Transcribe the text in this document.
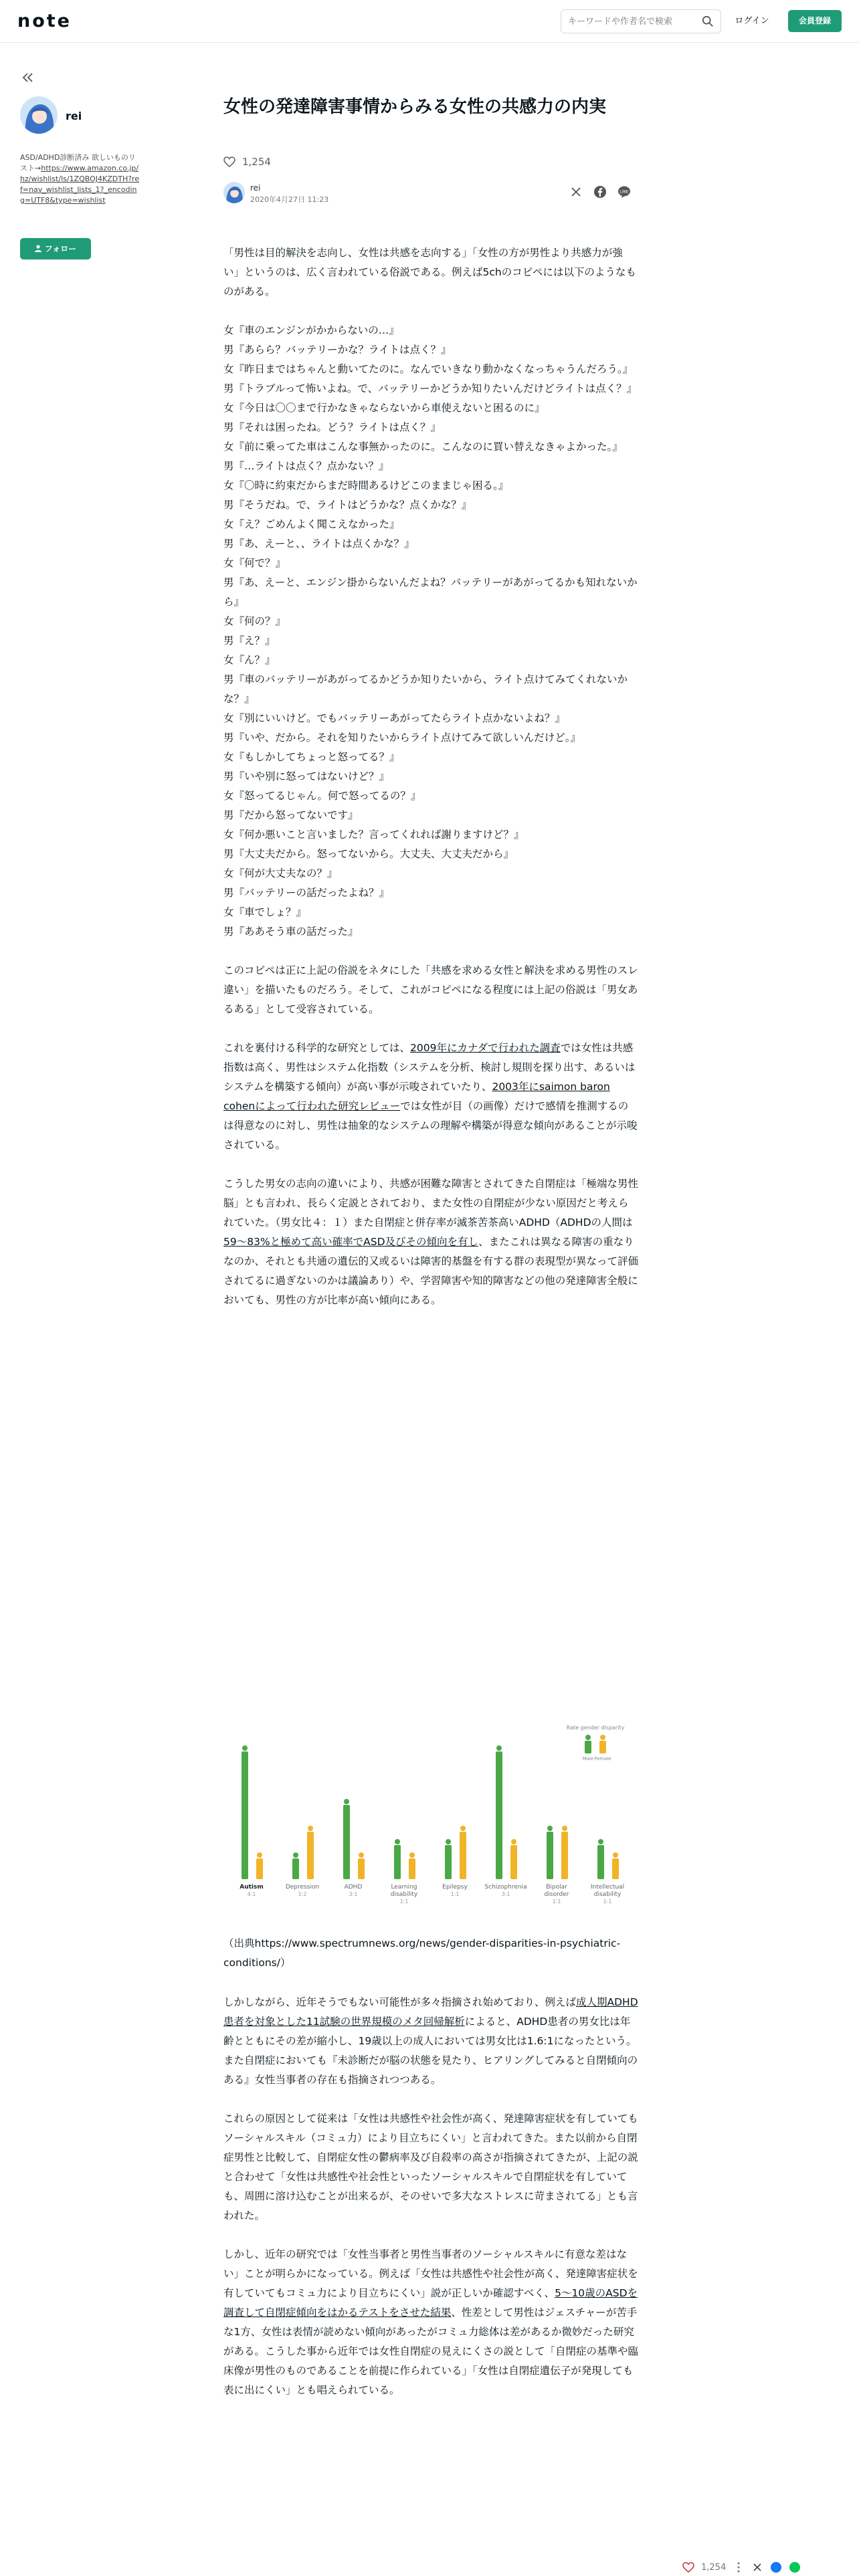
note
キーワードや作者名で検索	ログイン	会員登録
rei
ASD/ADHD診断済み 欲しいものリスト→https://www.amazon.co.jp/hz/wishlist/ls/1ZQBOJ4KZDTH?ref=nav_wishlist_lists_1?_encoding=UTF8&type=wishlist
フォロー
女性の発達障害事情からみる女性の共感力の内実
1,254
rei
2020年4月27日 11:23
LINE

「男性は目的解決を志向し、女性は共感を志向する」「女性の方が男性より共感力が強い」というのは、広く言われている俗説である。例えば5chのコピペには以下のようなものがある。

女『車のエンジンがかからないの…』
男『あらら？バッテリーかな？ライトは点く？』
女『昨日まではちゃんと動いてたのに。なんでいきなり動かなくなっちゃうんだろう。』
男『トラブルって怖いよね。で、バッテリーかどうか知りたいんだけどライトは点く？』
女『今日は〇〇まで行かなきゃならないから車使えないと困るのに』
男『それは困ったね。どう？ライトは点く？』
女『前に乗ってた車はこんな事無かったのに。こんなのに買い替えなきゃよかった。』
男『…ライトは点く？点かない？』
女『〇時に約束だからまだ時間あるけどこのままじゃ困る。』
男『そうだね。で、ライトはどうかな？点くかな？』
女『え？ごめんよく聞こえなかった』
男『あ、えーと、、ライトは点くかな？』
女『何で？』
男『あ、えーと、エンジン掛からないんだよね？バッテリーがあがってるかも知れないから』
女『何の？』
男『え？』
女『ん？』
男『車のバッテリーがあがってるかどうか知りたいから、ライト点けてみてくれないかな？』
女『別にいいけど。でもバッテリーあがってたらライト点かないよね？』
男『いや、だから。それを知りたいからライト点けてみて欲しいんだけど。』
女『もしかしてちょっと怒ってる？』
男『いや別に怒ってはないけど？』
女『怒ってるじゃん。何で怒ってるの？』
男『だから怒ってないです』
女『何か悪いこと言いました？言ってくれれば謝りますけど？』
男『大丈夫だから。怒ってないから。大丈夫、大丈夫だから』
女『何が大丈夫なの？』
男『バッテリーの話だったよね？』
女『車でしょ？』
男『ああそう車の話だった』

このコピペは正に上記の俗説をネタにした「共感を求める女性と解決を求める男性のスレ違い」を描いたものだろう。そして、これがコピペになる程度には上記の俗説は「男女あるある」として受容されている。

これを裏付ける科学的な研究としては、2009年にカナダで行われた調査では女性は共感指数は高く、男性はシステム化指数（システムを分析、検討し規則を探り出す、あるいはシステムを構築する傾向）が高い事が示唆されていたり、2003年にsaimon baron cohenによって行われた研究レビューでは女性が目（の画像）だけで感情を推測するのは得意なのに対し、男性は抽象的なシステムの理解や構築が得意な傾向があることが示唆されている。

こうした男女の志向の違いにより、共感が困難な障害とされてきた自閉症は「極端な男性脳」とも言われ、長らく定説とされており、また女性の自閉症が少ない原因だと考えられていた。（男女比４：１）また自閉症と併存率が滅茶苦茶高いADHD（ADHDの人間は59〜83%と極めて高い確率でASD及びその傾向を有し、またこれは異なる障害の重なりなのか、それとも共通の遺伝的又或るいは障害的基盤を有する群の表現型が異なって評価されてるに過ぎないのかは議論あり）や、学習障害や知的障害などの他の発達障害全般においても、男性の方が比率が高い傾向にある。

Autism
4:1
Depression
1:2
ADHD
3:1
Learning
disability
1:1
Epilepsy
1:1
Schizophrenia
3:1
Bipolar
disorder
1:1
Intellectual
disability
1:1
Rate gender disparity
Male Female
（出典https://www.spectrumnews.org/news/gender-disparities-in-psychiatric-conditions/）

しかしながら、近年そうでもない可能性が多々指摘され始めており、例えば成人期ADHD患者を対象とした11試験の世界規模のメタ回帰解析によると、ADHD患者の男女比は年齢とともにその差が縮小し、19歳以上の成人においては男女比は1.6:1になったという。また自閉症においても『未診断だが脳の状態を見たり、ヒアリングしてみると自閉傾向のある』女性当事者の存在も指摘されつつある。

これらの原因として従来は「女性は共感性や社会性が高く、発達障害症状を有していてもソーシャルスキル（コミュ力）により目立ちにくい」と言われてきた。また以前から自閉症男性と比較して、自閉症女性の鬱病率及び自殺率の高さが指摘されてきたが、上記の説と合わせて「女性は共感性や社会性といったソーシャルスキルで自閉症状を有していても、周囲に溶け込むことが出来るが、そのせいで多大なストレスに苛まされてる」とも言われた。

しかし、近年の研究では「女性当事者と男性当事者のソーシャルスキルに有意な差はない」ことが明らかになっている。例えば「女性は共感性や社会性が高く、発達障害症状を有していてもコミュ力により目立ちにくい」説が正しいか確認すべく、5〜10歳のASDを調査して自閉症傾向をはかるテストをさせた結果、性差として男性はジェスチャーが苦手な1方、女性は表情が読めない傾向があったがコミュ力総体は差があるか微妙だった研究がある。こうした事から近年では女性自閉症の見えにくさの説として「自閉症の基準や臨床像が男性のものであることを前提に作られている」「女性は自閉症遺伝子が発現しても表に出にくい」とも唱えられている。

1,254
